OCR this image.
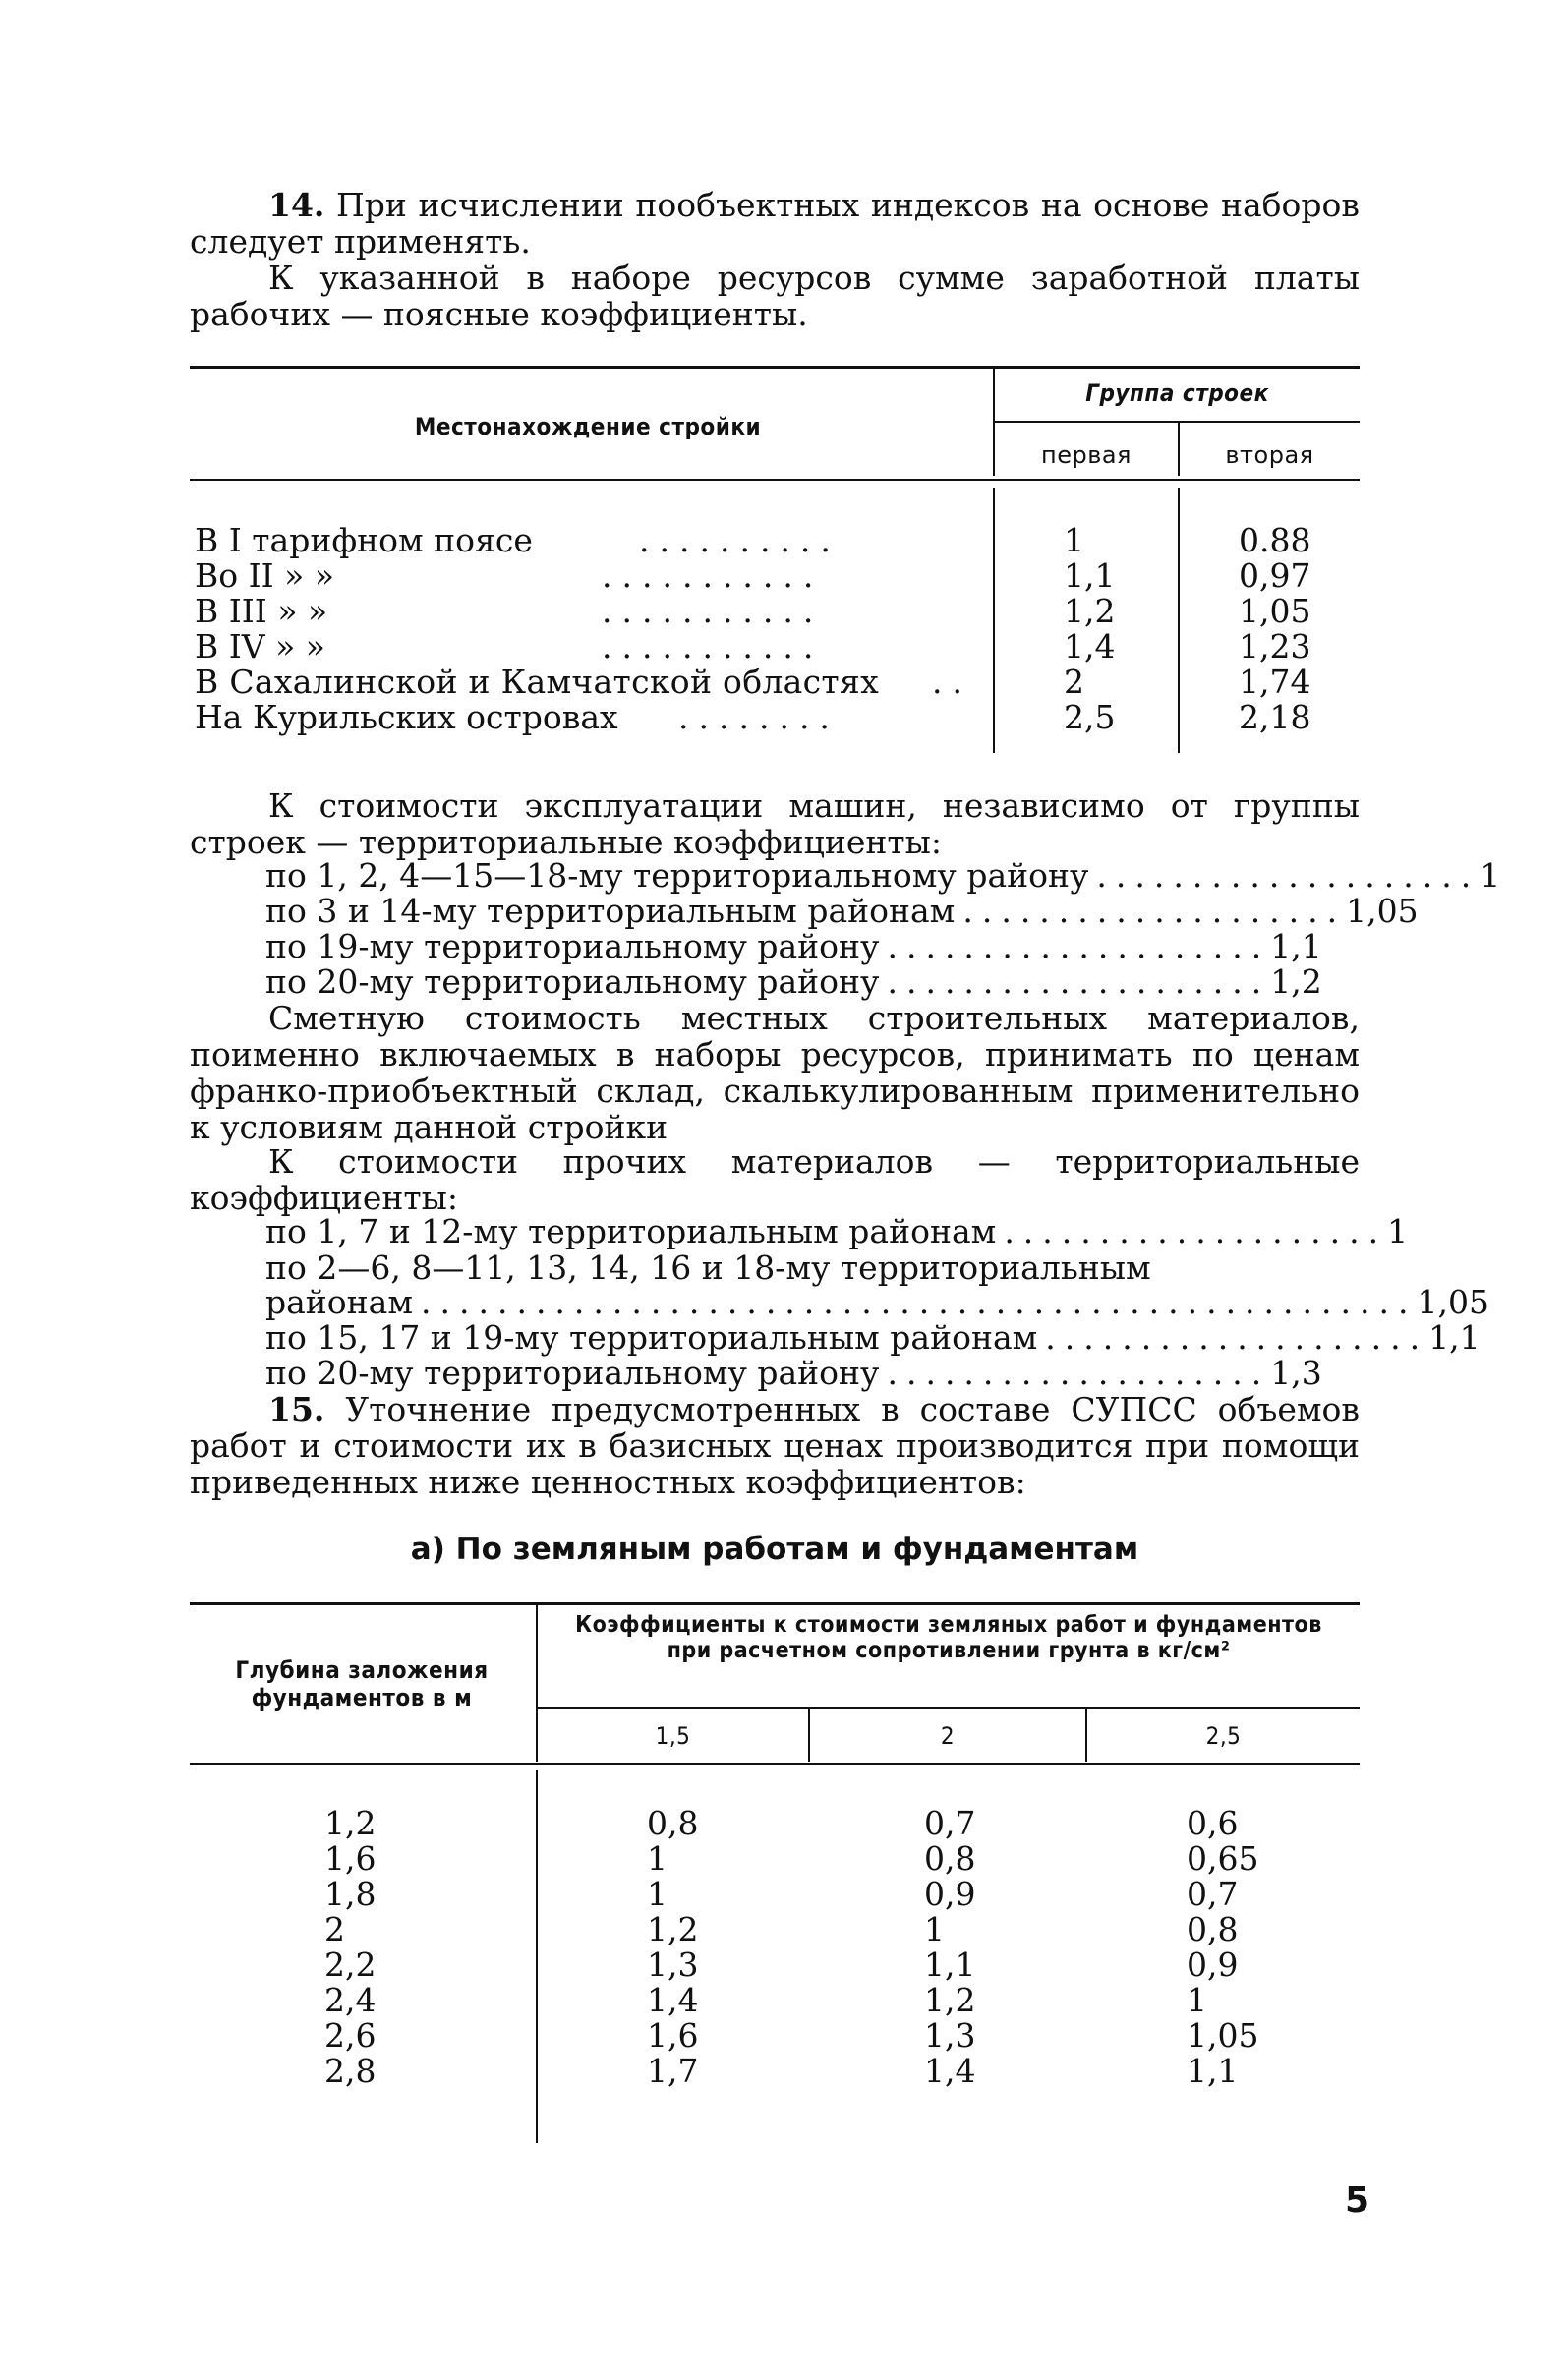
14. При исчислении пообъектных индексов на основе наборов следует применять.

К указанной в наборе ресурсов сумме заработной платы рабочих — поясные коэффициенты.

Местонахождение стройки
Группа строек
первая	вторая
В I тарифном поясе	..........	1	0.88
Во II » »	...........	1,1	0,97
В III » »	...........	1,2	1,05
В IV » »	...........	1,4	1,23
В Сахалинской и Камчатской областях ..	2	1,74
На Курильских островах ........	2,5	2,18

К стоимости эксплуатации машин, независимо от группы строек — территориальные коэффициенты:

по 1, 2, 4—15—18-му территориальному району .................... 1
по 3 и 14-му территориальным районам .................... 1,05
по 19-му территориальному району .................... 1,1
по 20-му территориальному району .................... 1,2

Сметную стоимость местных строительных материалов, поименно включаемых в наборы ресурсов, принимать по ценам франко-приобъектный склад, скалькулированным применительно к условиям данной стройки

К стоимости прочих материалов — территориальные коэффициенты:

по 1, 7 и 12-му территориальным районам .................... 1
по 2—6, 8—11, 13, 14, 16 и 18-му территориальным
районам .................................................... 1,05
по 15, 17 и 19-му территориальным районам .................... 1,1
по 20-му территориальному району .................... 1,3

15. Уточнение предусмотренных в составе СУПСС объемов работ и стоимости их в базисных ценах производится при помощи приведенных ниже ценностных коэффициентов:

а) По земляным работам и фундаментам
Глубина заложения фундаментов в м
Коэффициенты к стоимости земляных работ и фундаментов при расчетном сопротивлении грунта в кг/см²
1,5	2	2,5
1,2	0,8	0,7	0,6
1,6	1	0,8	0,65
1,8	1	0,9	0,7
2	1,2	1	0,8
2,2	1,3	1,1	0,9
2,4	1,4	1,2	1
2,6	1,6	1,3	1,05
2,8	1,7	1,4	1,1
5
